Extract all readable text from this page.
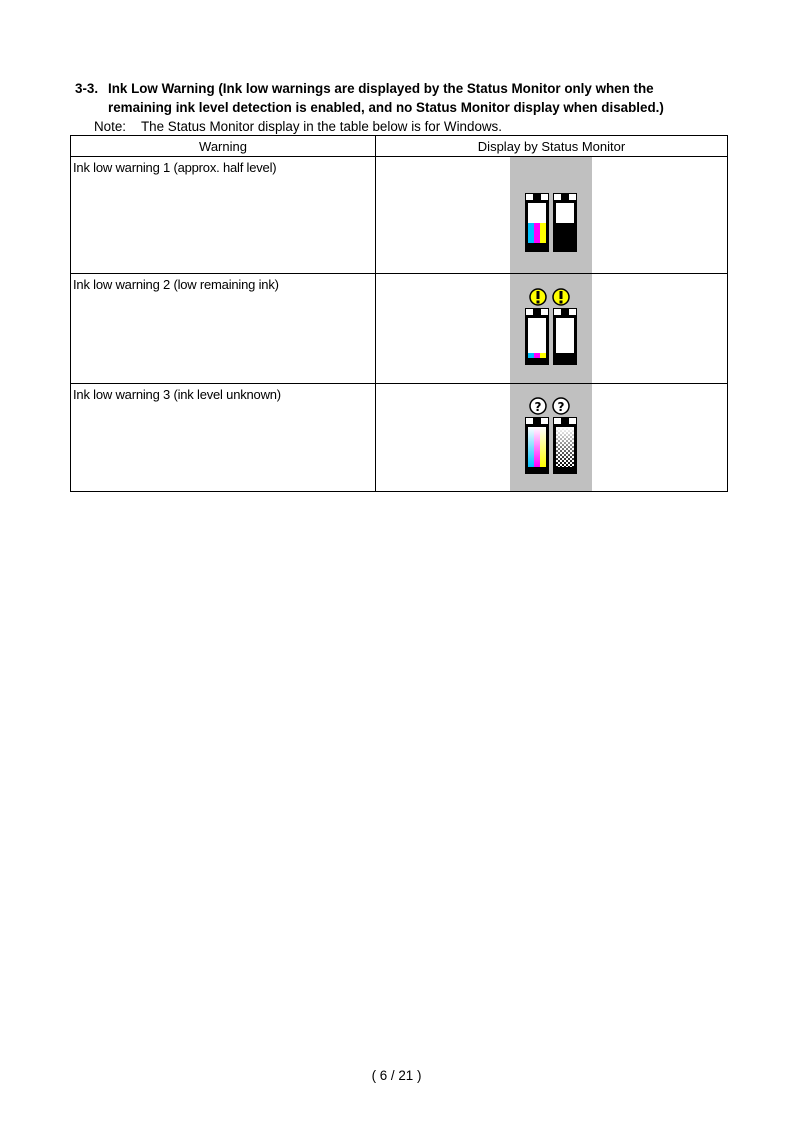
3-3. Ink Low Warning (Ink low warnings are displayed by the Status Monitor only when the
remaining ink level detection is enabled, and no Status Monitor display when disabled.)
Note: The Status Monitor display in the table below is for Windows.
Warning	Display by Status Monitor
Ink low warning 1 (approx. half level)	

Ink low warning 2 (low remaining ink)	

Ink low warning 3 (ink level unknown)	? ?
( 6 / 21 )
